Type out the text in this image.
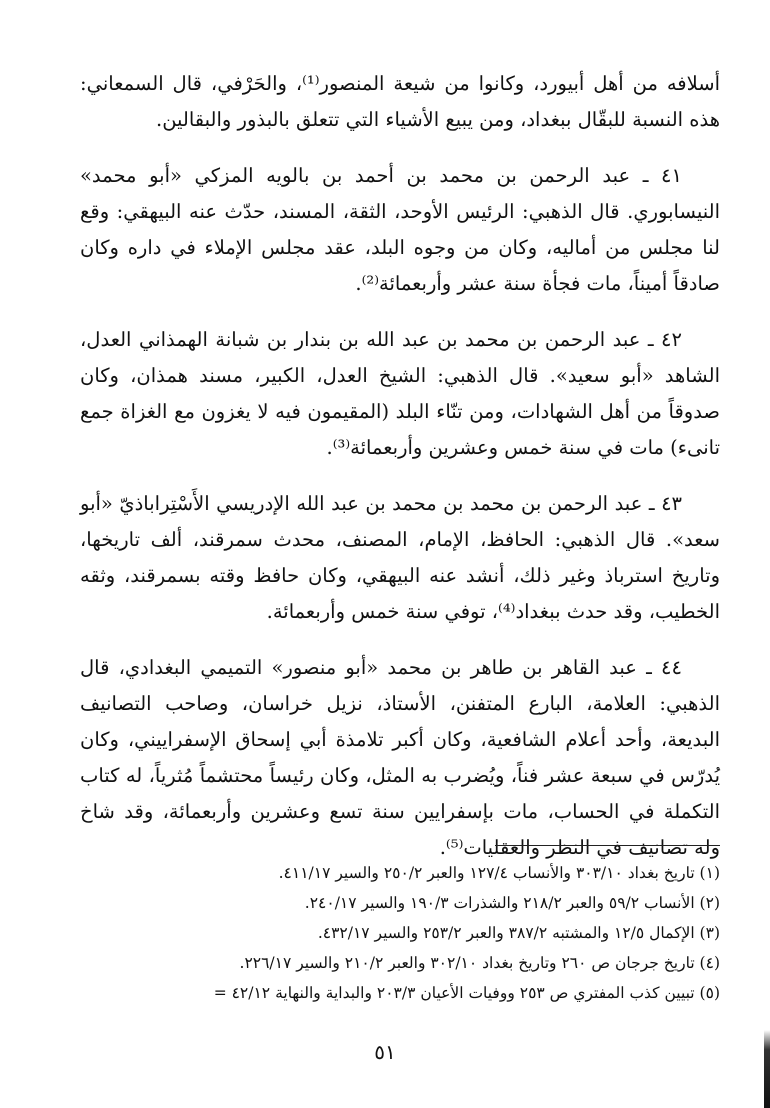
أسلافه من أهل أبيورد، وكانوا من شيعة المنصور⁽¹⁾، والحَرْفي، قال السمعاني: هذه النسبة للبقّال ببغداد، ومن يبيع الأشياء التي تتعلق بالبذور والبقالين.

٤١ ـ عبد الرحمن بن محمد بن أحمد بن بالويه المزكي «أبو محمد» النيسابوري. قال الذهبي: الرئيس الأوحد، الثقة، المسند، حدّث عنه البيهقي: وقع لنا مجلس من أماليه، وكان من وجوه البلد، عقد مجلس الإملاء في داره وكان صادقاً أميناً، مات فجأة سنة عشر وأربعمائة⁽²⁾.

٤٢ ـ عبد الرحمن بن محمد بن عبد الله بن بندار بن شبانة الهمذاني العدل، الشاهد «أبو سعيد». قال الذهبي: الشيخ العدل، الكبير، مسند همذان، وكان صدوقاً من أهل الشهادات، ومن تنّاء البلد (المقيمون فيه لا يغزون مع الغزاة جمع تانىء) مات في سنة خمس وعشرين وأربعمائة⁽³⁾.

٤٣ ـ عبد الرحمن بن محمد بن محمد بن عبد الله الإدريسي الأَسْتِراباذيّ «أبو سعد». قال الذهبي: الحافظ، الإمام، المصنف، محدث سمرقند، ألف تاريخها، وتاريخ استرباذ وغير ذلك، أنشد عنه البيهقي، وكان حافظ وقته بسمرقند، وثقه الخطيب، وقد حدث ببغداد⁽⁴⁾، توفي سنة خمس وأربعمائة.

٤٤ ـ عبد القاهر بن طاهر بن محمد «أبو منصور» التميمي البغدادي، قال الذهبي: العلامة، البارع المتفنن، الأستاذ، نزيل خراسان، وصاحب التصانيف البديعة، وأحد أعلام الشافعية، وكان أكبر تلامذة أبي إسحاق الإسفراييني، وكان يُدرّس في سبعة عشر فناً، ويُضرب به المثل، وكان رئيساً محتشماً مُثرياً، له كتاب التكملة في الحساب، مات بإسفرايين سنة تسع وعشرين وأربعمائة، وقد شاخ وله تصانيف في النظر والعقليات⁽⁵⁾.

(١) تاريخ بغداد ٣٠٣/١٠ والأنساب ١٢٧/٤ والعبر ٢٥٠/٢ والسير ٤١١/١٧.
(٢) الأنساب ٥٩/٢ والعبر ٢١٨/٢ والشذرات ١٩٠/٣ والسير ٢٤٠/١٧.
(٣) الإكمال ١٢/٥ والمشتبه ٣٨٧/٢ والعبر ٢٥٣/٢ والسير ٤٣٢/١٧.
(٤) تاريخ جرجان ص ٢٦٠ وتاريخ بغداد ٣٠٢/١٠ والعبر ٢١٠/٢ والسير ٢٢٦/١٧.
(٥) تبيين كذب المفتري ص ٢٥٣ ووفيات الأعيان ٢٠٣/٣ والبداية والنهاية ٤٢/١٢ =
٥١
